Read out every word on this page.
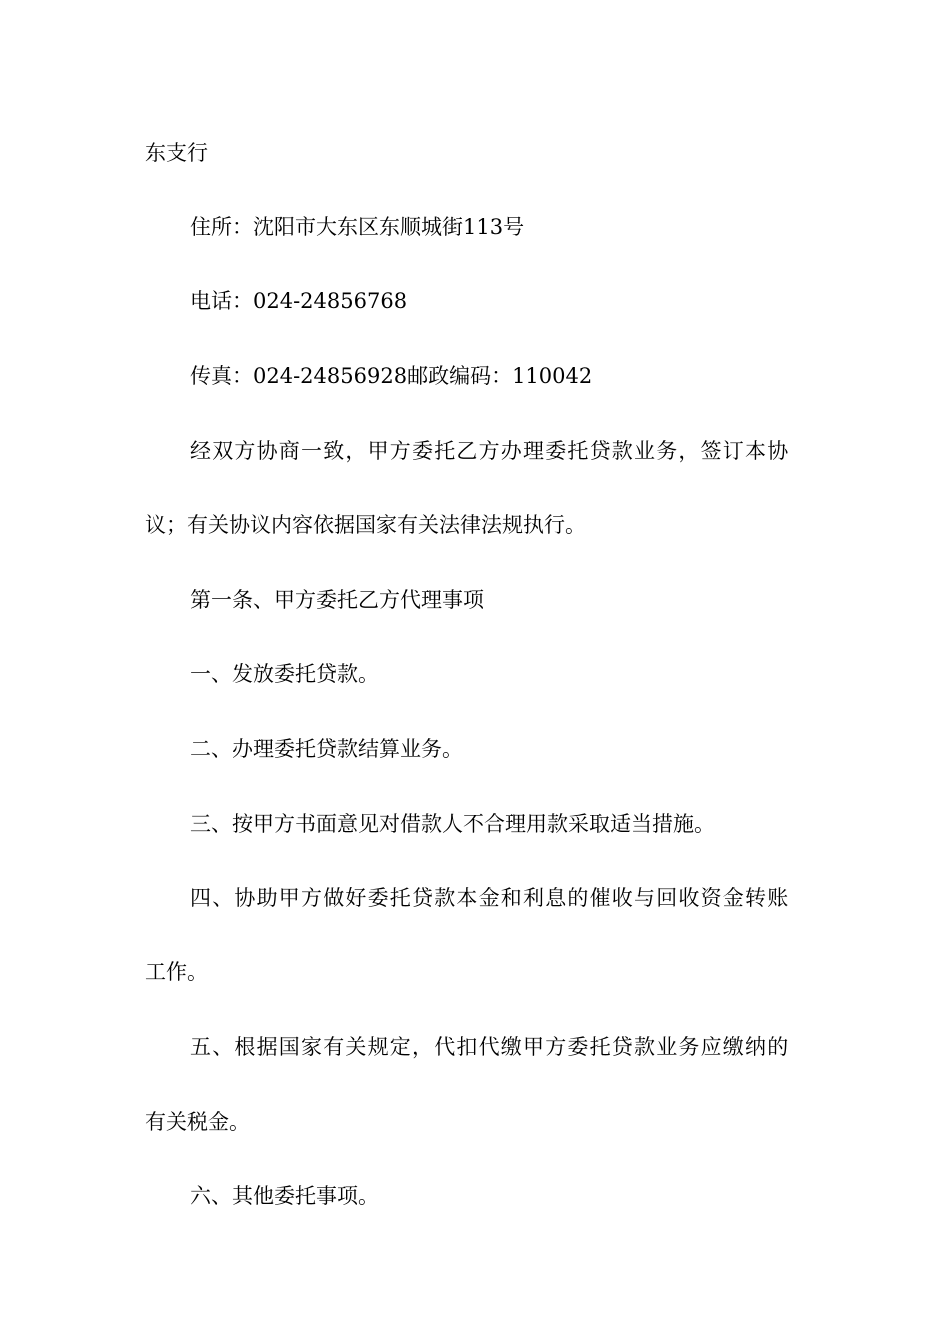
东支行

住所：沈阳市大东区东顺城街113号

电话：024-24856768

传真：024-24856928邮政编码：110042

经双方协商一致，甲方委托乙方办理委托贷款业务，签订本协

议；有关协议内容依据国家有关法律法规执行。

第一条、甲方委托乙方代理事项

一、发放委托贷款。

二、办理委托贷款结算业务。

三、按甲方书面意见对借款人不合理用款采取适当措施。

四、协助甲方做好委托贷款本金和利息的催收与回收资金转账

工作。

五、根据国家有关规定，代扣代缴甲方委托贷款业务应缴纳的

有关税金。

六、其他委托事项。
